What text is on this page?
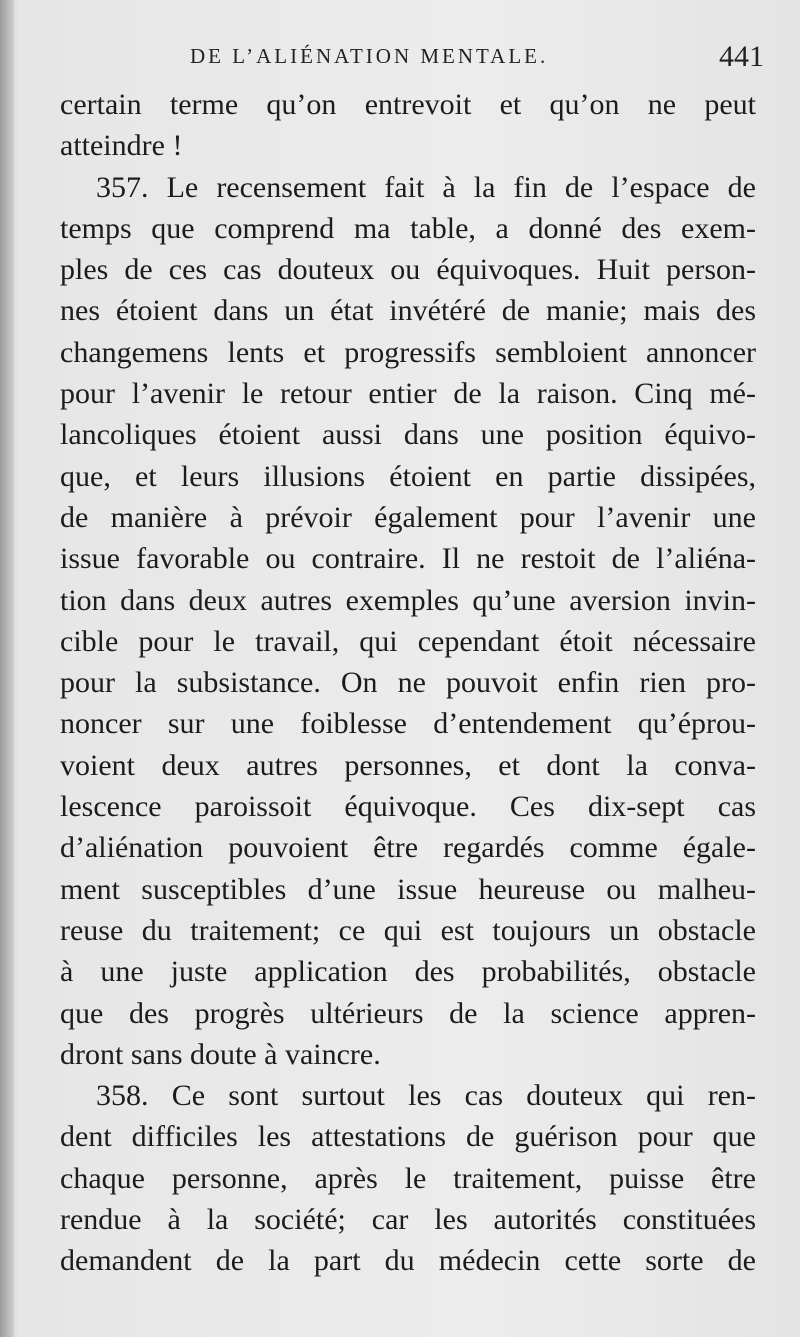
DE L’ALIÉNATION MENTALE.	441

certain terme qu’on entrevoit et qu’on ne peut
atteindre !

357. Le recensement fait à la fin de l’espace de

temps que comprend ma table, a donné des exem-
ples de ces cas douteux ou équivoques. Huit person-
nes étoient dans un état invétéré de manie; mais des
changemens lents et progressifs sembloient annoncer
pour l’avenir le retour entier de la raison. Cinq mé-
lancoliques étoient aussi dans une position équivo-
que, et leurs illusions étoient en partie dissipées,
de manière à prévoir également pour l’avenir une
issue favorable ou contraire. Il ne restoit de l’aliéna-
tion dans deux autres exemples qu’une aversion invin-
cible pour le travail, qui cependant étoit nécessaire
pour la subsistance. On ne pouvoit enfin rien pro-
noncer sur une foiblesse d’entendement qu’éprou-
voient deux autres personnes, et dont la conva-
lescence paroissoit équivoque. Ces dix-sept cas
d’aliénation pouvoient être regardés comme égale-
ment susceptibles d’une issue heureuse ou malheu-
reuse du traitement; ce qui est toujours un obstacle
à une juste application des probabilités, obstacle
que des progrès ultérieurs de la science appren-
dront sans doute à vaincre.

358. Ce sont surtout les cas douteux qui ren-

dent difficiles les attestations de guérison pour que
chaque personne, après le traitement, puisse être
rendue à la société; car les autorités constituées
demandent de la part du médecin cette sorte de
